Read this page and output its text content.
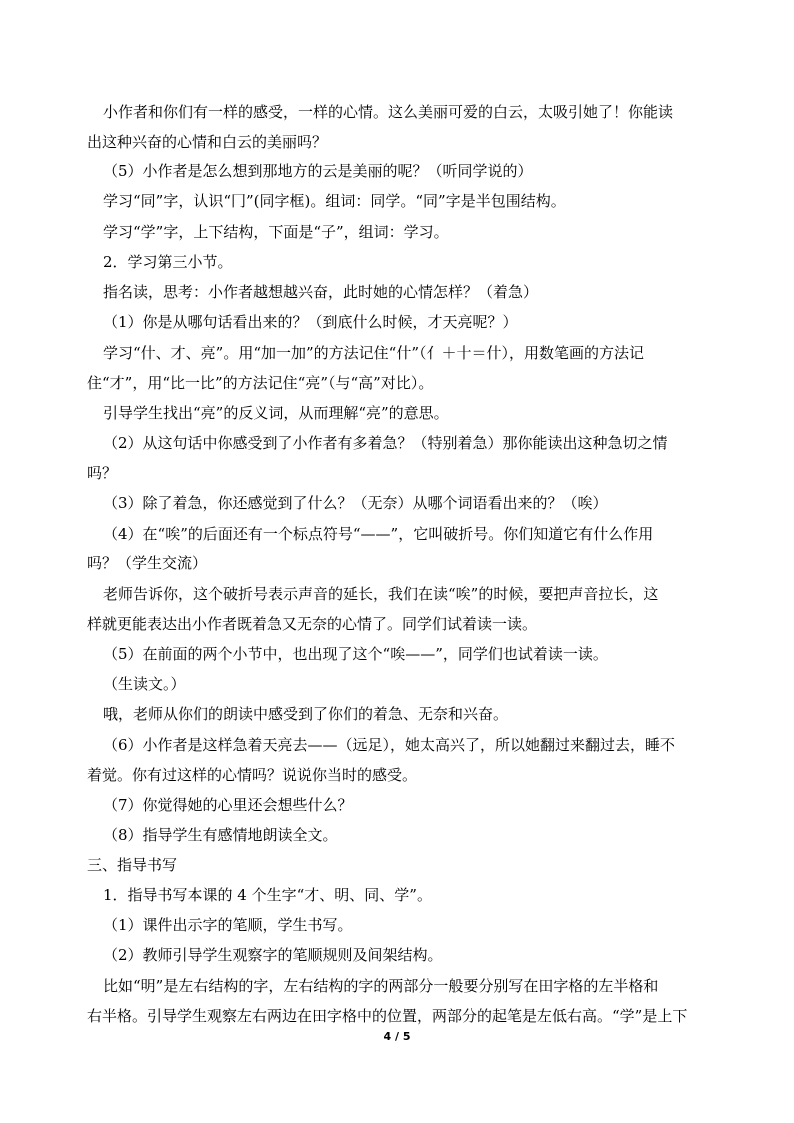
小作者和你们有一样的感受，一样的心情。这么美丽可爱的白云，太吸引她了！你能读
出这种兴奋的心情和白云的美丽吗？
（5）小作者是怎么想到那地方的云是美丽的呢？（听同学说的）
学习“同”字，认识“冂”(同字框)。组词：同学。“同”字是半包围结构。
学习“学”字，上下结构，下面是“子”，组词：学习。
2．学习第三小节。
指名读，思考：小作者越想越兴奋，此时她的心情怎样？（着急）
（1）你是从哪句话看出来的？（到底什么时候，才天亮呢？）
学习“什、才、亮”。用“加一加”的方法记住“什”（亻＋十＝什），用数笔画的方法记
住“才”，用“比一比”的方法记住“亮”（与“高”对比）。
引导学生找出“亮”的反义词，从而理解“亮”的意思。
（2）从这句话中你感受到了小作者有多着急？（特别着急）那你能读出这种急切之情
吗？
（3）除了着急，你还感觉到了什么？（无奈）从哪个词语看出来的？（唉）
（4）在“唉”的后面还有一个标点符号“——”，它叫破折号。你们知道它有什么作用
吗？（学生交流）
老师告诉你，这个破折号表示声音的延长，我们在读“唉”的时候，要把声音拉长，这
样就更能表达出小作者既着急又无奈的心情了。同学们试着读一读。
（5）在前面的两个小节中，也出现了这个“唉——”，同学们也试着读一读。
（生读文。）
哦，老师从你们的朗读中感受到了你们的着急、无奈和兴奋。
（6）小作者是这样急着天亮去——（远足），她太高兴了，所以她翻过来翻过去，睡不
着觉。你有过这样的心情吗？说说你当时的感受。
（7）你觉得她的心里还会想些什么？
（8）指导学生有感情地朗读全文。
三、指导书写
1．指导书写本课的 4 个生字“才、明、同、学”。
（1）课件出示字的笔顺，学生书写。
（2）教师引导学生观察字的笔顺规则及间架结构。
比如“明”是左右结构的字，左右结构的字的两部分一般要分别写在田字格的左半格和
右半格。引导学生观察左右两边在田字格中的位置，两部分的起笔是左低右高。“学”是上下
4 / 5
